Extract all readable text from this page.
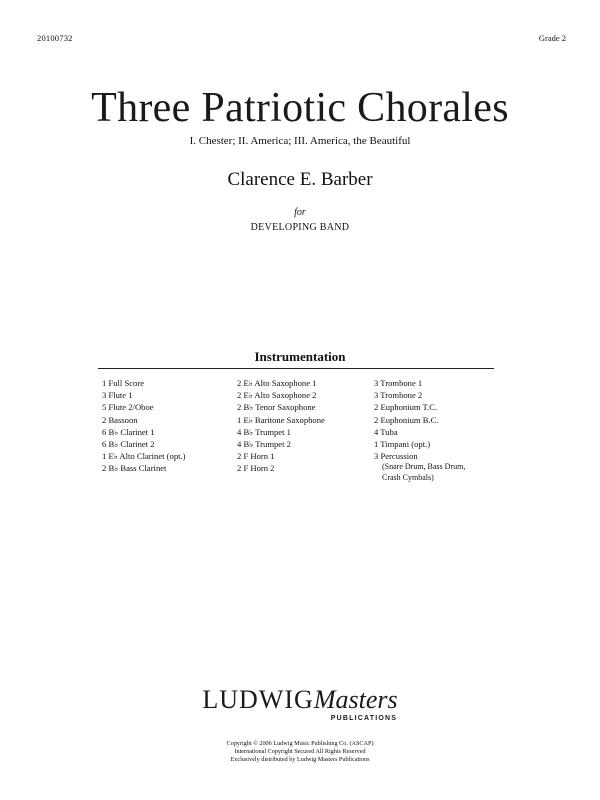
20100732	Grade 2
Three Patriotic Chorales
I. Chester; II. America; III. America, the Beautiful
Clarence E. Barber
for
DEVELOPING BAND
Instrumentation
1 Full Score
3 Flute 1
5 Flute 2/Oboe
2 Bassoon
6 B♭ Clarinet 1
6 B♭ Clarinet 2
1 E♭ Alto Clarinet (opt.)
2 B♭ Bass Clarinet
2 E♭ Alto Saxophone 1
2 E♭ Alto Saxophone 2
2 B♭ Tenor Saxophone
1 E♭ Baritone Saxophone
4 B♭ Trumpet 1
4 B♭ Trumpet 2
2 F Horn 1
2 F Horn 2
3 Trombone 1
3 Trombone 2
2 Euphonium T.C.
2 Euphonium B.C.
4 Tuba
1 Timpani (opt.)
3 Percussion
(Snare Drum, Bass Drum,
Crash Cymbals)
LUDWIGMasters
PUBLICATIONS
Copyright © 2006 Ludwig Music Publishing Co. (ASCAP)
International Copyright Secured All Rights Reserved
Exclusively distributed by Ludwig Masters Publications
